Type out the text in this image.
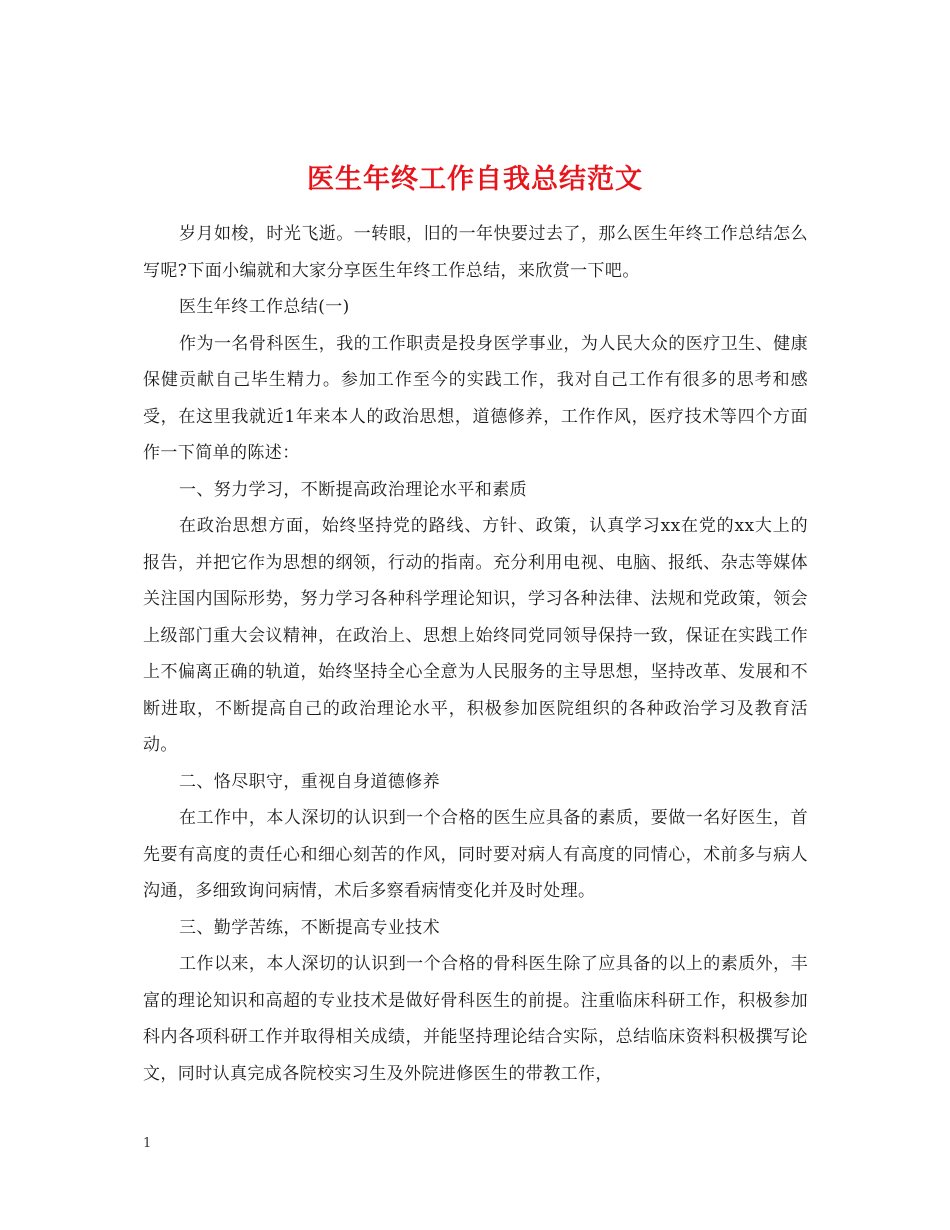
医生年终工作自我总结范文

岁月如梭，时光飞逝。一转眼，旧的一年快要过去了，那么医生年终工作总结怎么写呢?下面小编就和大家分享医生年终工作总结，来欣赏一下吧。

医生年终工作总结(一)

作为一名骨科医生，我的工作职责是投身医学事业，为人民大众的医疗卫生、健康保健贡献自己毕生精力。参加工作至今的实践工作，我对自己工作有很多的思考和感受，在这里我就近1年来本人的政治思想，道德修养，工作作风，医疗技术等四个方面作一下简单的陈述：

一、努力学习，不断提高政治理论水平和素质

在政治思想方面，始终坚持党的路线、方针、政策，认真学习xx在党的xx大上的报告，并把它作为思想的纲领，行动的指南。充分利用电视、电脑、报纸、杂志等媒体关注国内国际形势，努力学习各种科学理论知识，学习各种法律、法规和党政策，领会上级部门重大会议精神，在政治上、思想上始终同党同领导保持一致，保证在实践工作上不偏离正确的轨道，始终坚持全心全意为人民服务的主导思想，坚持改革、发展和不断进取，不断提高自己的政治理论水平，积极参加医院组织的各种政治学习及教育活动。

二、恪尽职守，重视自身道德修养

在工作中，本人深切的认识到一个合格的医生应具备的素质，要做一名好医生，首先要有高度的责任心和细心刻苦的作风，同时要对病人有高度的同情心，术前多与病人沟通，多细致询问病情，术后多察看病情变化并及时处理。

三、勤学苦练，不断提高专业技术

工作以来，本人深切的认识到一个合格的骨科医生除了应具备的以上的素质外，丰富的理论知识和高超的专业技术是做好骨科医生的前提。注重临床科研工作，积极参加科内各项科研工作并取得相关成绩，并能坚持理论结合实际，总结临床资料积极撰写论文，同时认真完成各院校实习生及外院进修医生的带教工作，

1
